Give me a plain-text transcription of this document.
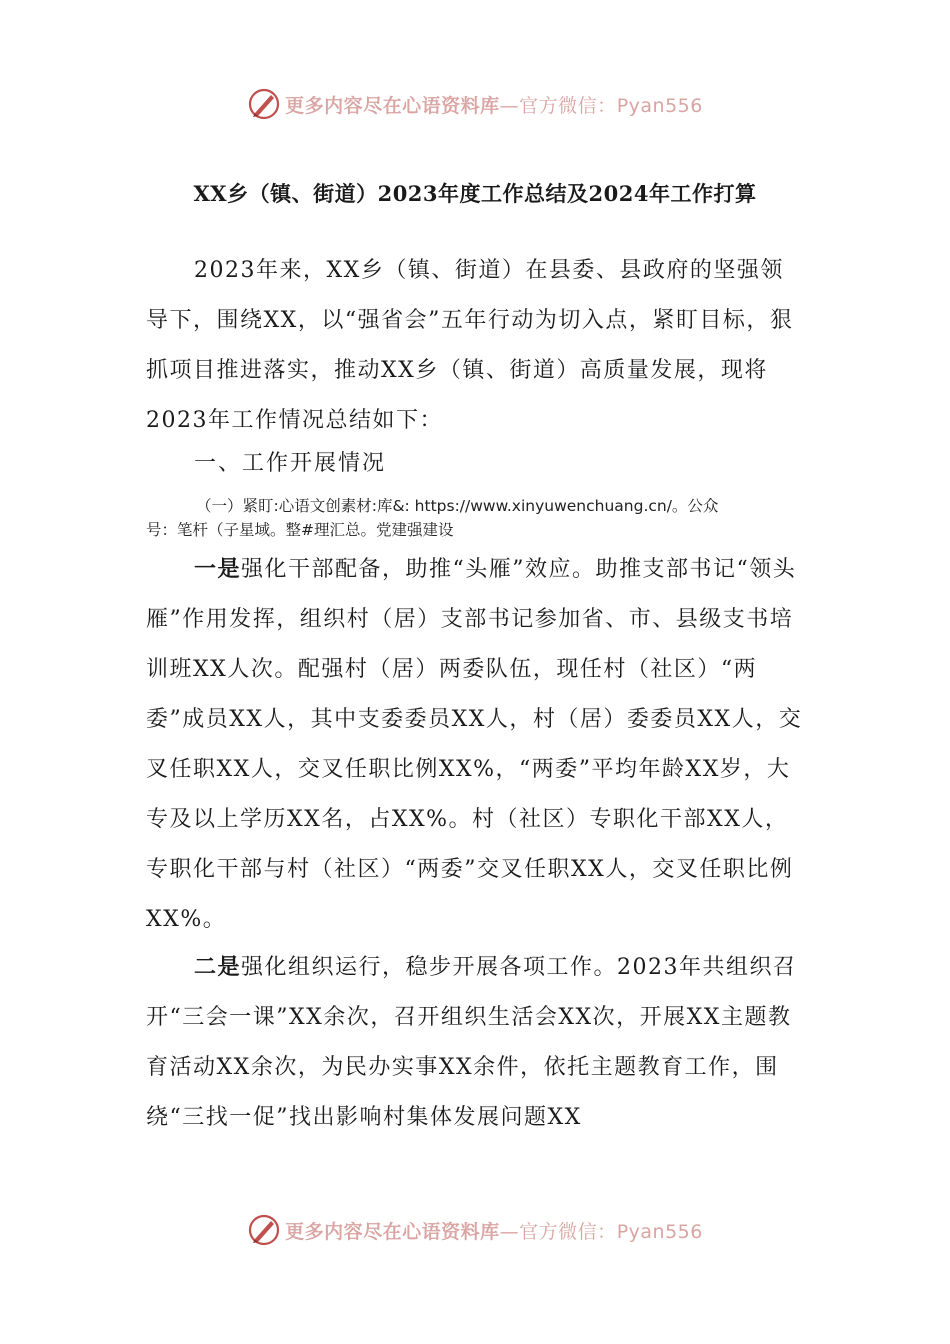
更多内容尽在心语资料库—官方微信：Pyan556
XX乡（镇、街道）2023年度工作总结及2024年工作打算

2023年来，XX乡（镇、街道）在县委、县政府的坚强领导下，围绕XX，以“强省会”五年行动为切入点，紧盯目标，狠抓项目推进落实，推动XX乡（镇、街道）高质量发展，现将2023年工作情况总结如下：

一、工作开展情况
（一）紧盯:心语文创素材:库&: https://www.xinyuwenchuang.cn/。公众
号：笔杆（子星域。整#理汇总。党建强建设

一是强化干部配备，助推“头雁”效应。助推支部书记“领头雁”作用发挥，组织村（居）支部书记参加省、市、县级支书培训班XX人次。配强村（居）两委队伍，现任村（社区）“两委”成员XX人，其中支委委员XX人，村（居）委委员XX人，交叉任职XX人，交叉任职比例XX%，“两委”平均年龄XX岁，大专及以上学历XX名，占XX%。村（社区）专职化干部XX人，专职化干部与村（社区）“两委”交叉任职XX人，交叉任职比例XX%。

二是强化组织运行，稳步开展各项工作。2023年共组织召开“三会一课”XX余次，召开组织生活会XX次，开展XX主题教育活动XX余次，为民办实事XX余件，依托主题教育工作，围绕“三找一促”找出影响村集体发展问题XX

更多内容尽在心语资料库—官方微信：Pyan556
